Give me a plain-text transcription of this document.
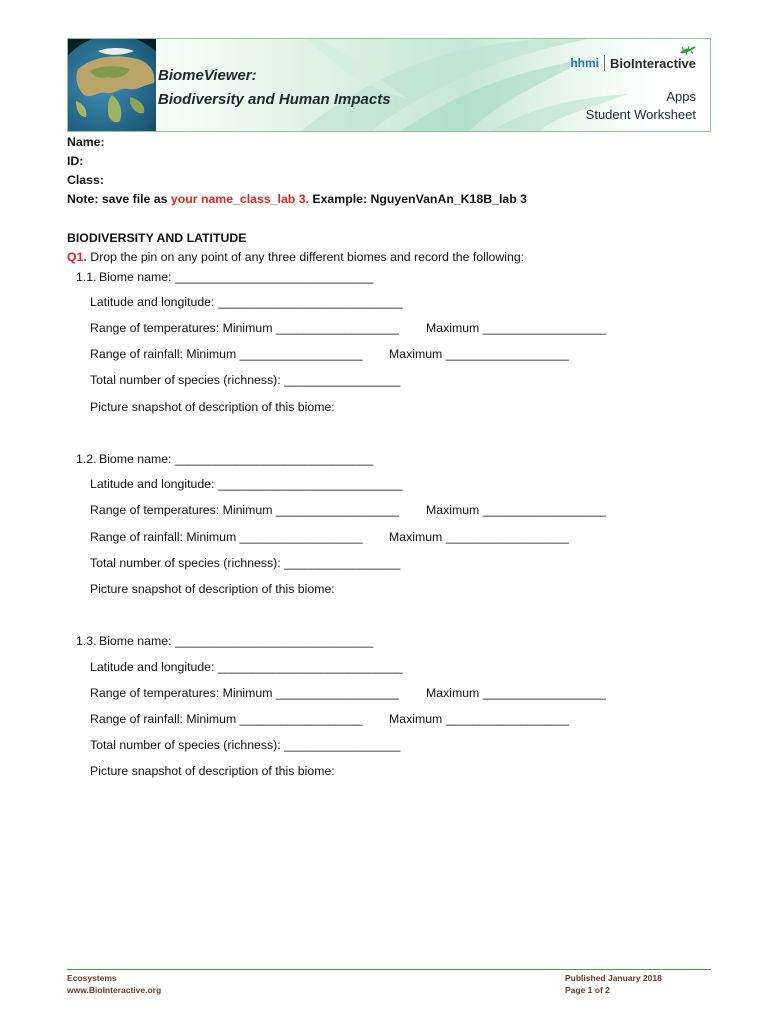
BiomeViewer:
Biodiversity and Human Impacts
hhmi BioInteractive
Apps
Student Worksheet
Name:
ID:
Class:
Note: save file as your name_class_lab 3. Example: NguyenVanAn_K18B_lab 3
BIODIVERSITY AND LATITUDE
Q1. Drop the pin on any point of any three different biomes and record the following:
1.1. Biome name: _____________________________
Latitude and longitude: ___________________________
Range of temperatures: Minimum __________________ Maximum __________________
Range of rainfall: Minimum __________________ Maximum __________________
Total number of species (richness): _________________
Picture snapshot of description of this biome:
1.2. Biome name: _____________________________
Latitude and longitude: ___________________________
Range of temperatures: Minimum __________________ Maximum __________________
Range of rainfall: Minimum __________________ Maximum __________________
Total number of species (richness): _________________
Picture snapshot of description of this biome:
1.3. Biome name: _____________________________
Latitude and longitude: ___________________________
Range of temperatures: Minimum __________________ Maximum __________________
Range of rainfall: Minimum __________________ Maximum __________________
Total number of species (richness): _________________
Picture snapshot of description of this biome:
Ecosystems
www.BioInteractive.org
Published January 2018
Page 1 of 2
